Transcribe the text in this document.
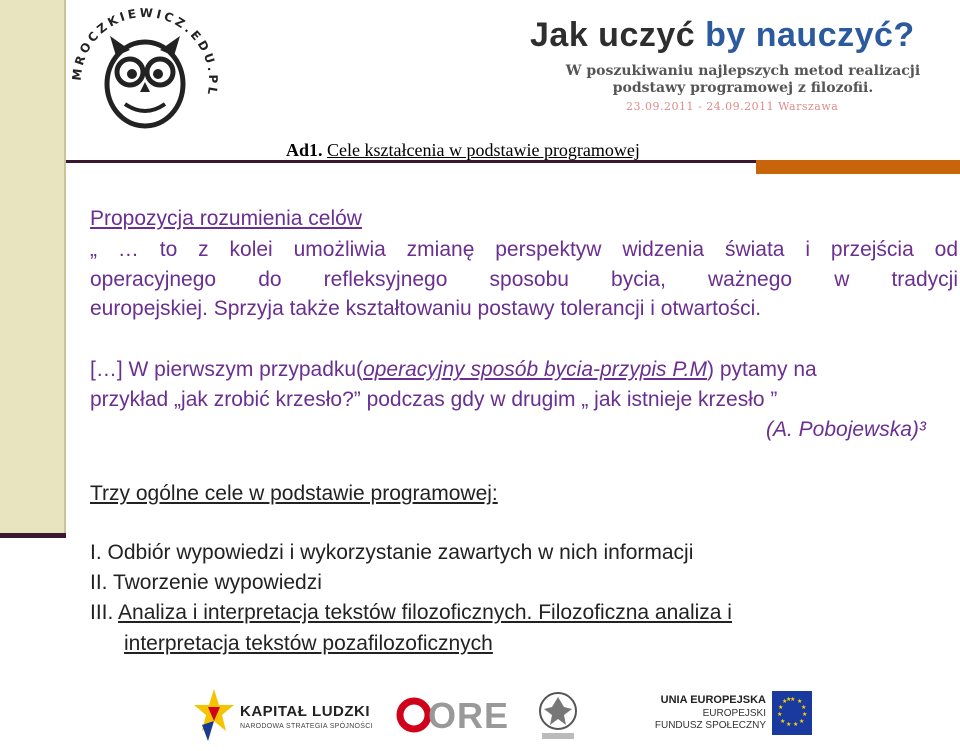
MROCZKIEWICZ.EDU.PL
Jak uczyć by nauczyć?
W poszukiwaniu najlepszych metod realizacji podstawy programowej z filozofii.
23.09.2011 - 24.09.2011 Warszawa
Ad1. Cele kształcenia w podstawie programowej
Propozycja rozumienia celów
„ … to z kolei umożliwia zmianę perspektyw widzenia świata i przejścia od
operacyjnego do refleksyjnego sposobu bycia, ważnego w tradycji
europejskiej. Sprzyja także kształtowaniu postawy tolerancji i otwartości.
[…] W pierwszym przypadku(operacyjny sposób bycia-przypis P.M) pytamy na
przykład „jak zrobić krzesło?” podczas gdy w drugim „ jak istnieje krzesło ”
(A. Pobojewska)³
Trzy ogólne cele w podstawie programowej:
I. Odbiór wypowiedzi i wykorzystanie zawartych w nich informacji
II. Tworzenie wypowiedzi
III. Analiza i interpretacja tekstów filozoficznych. Filozoficzna analiza i
interpretacja tekstów pozafilozoficznych
KAPITAŁ LUDZKI
NARODOWA STRATEGIA SPÓJNOŚCI ORE	UNIA EUROPEJSKA
EUROPEJSKI
FUNDUSZ SPOŁECZNY
★ ★
★
★
★
★
★
★
★
★
★
★
